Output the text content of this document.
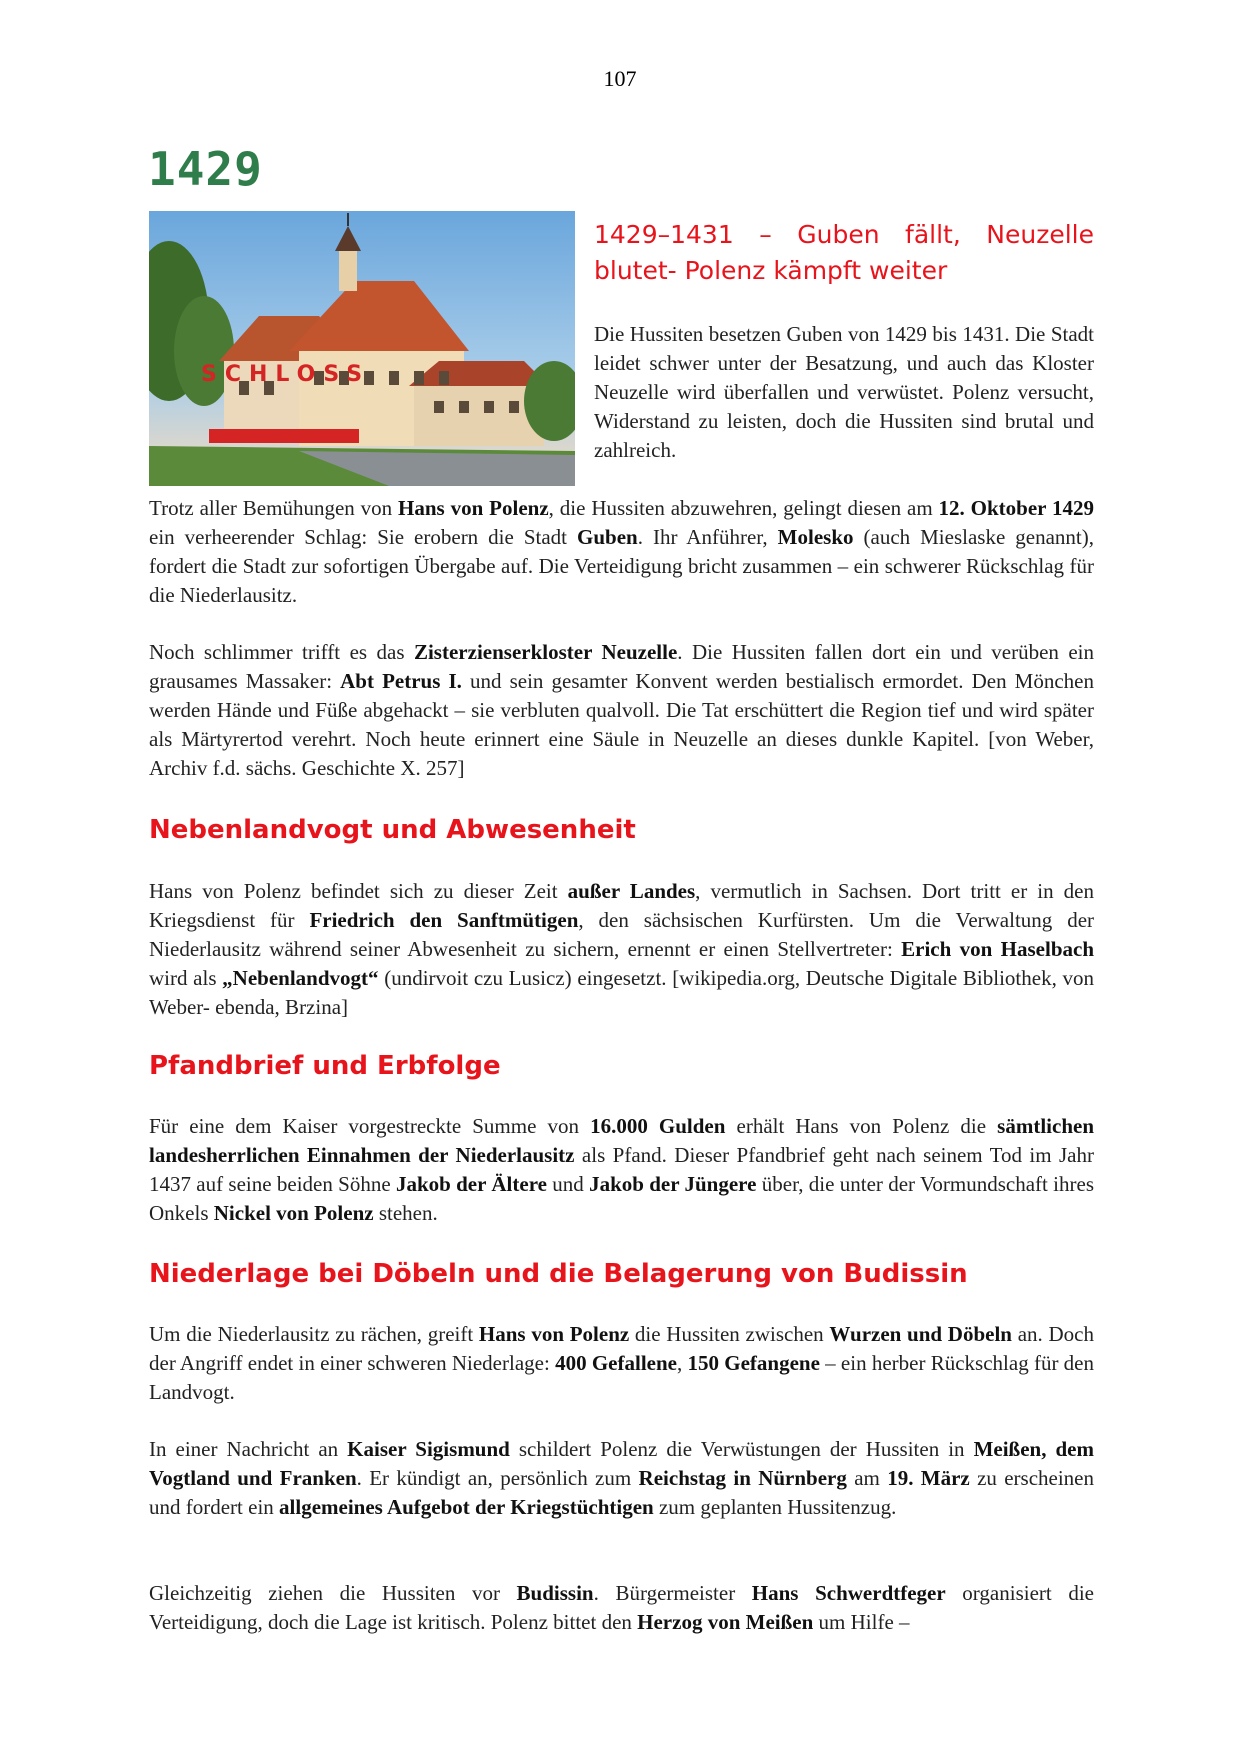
107
1429
SCHLOSS
1429–1431 – Guben fällt, Neuzelle blutet- Polenz kämpft weiter
Die Hussiten besetzen Guben von 1429 bis 1431. Die Stadt leidet schwer unter der Besatzung, und auch das Kloster Neuzelle wird überfallen und verwüstet. Polenz versucht, Widerstand zu leisten, doch die Hussiten sind brutal und zahlreich.

Trotz aller Bemühungen von Hans von Polenz, die Hussiten abzuwehren, gelingt diesen am 12. Oktober 1429 ein verheerender Schlag: Sie erobern die Stadt Guben. Ihr Anführer, Molesko (auch Mieslaske genannt), fordert die Stadt zur sofortigen Übergabe auf. Die Verteidigung bricht zusammen – ein schwerer Rückschlag für die Niederlausitz.

Noch schlimmer trifft es das Zisterzienserkloster Neuzelle. Die Hussiten fallen dort ein und verüben ein grausames Massaker: Abt Petrus I. und sein gesamter Konvent werden bestialisch ermordet. Den Mönchen werden Hände und Füße abgehackt – sie verbluten qualvoll. Die Tat erschüttert die Region tief und wird später als Märtyrertod verehrt. Noch heute erinnert eine Säule in Neuzelle an dieses dunkle Kapitel. [von Weber, Archiv f.d. sächs. Geschichte X. 257]

Nebenlandvogt und Abwesenheit

Hans von Polenz befindet sich zu dieser Zeit außer Landes, vermutlich in Sachsen. Dort tritt er in den Kriegsdienst für Friedrich den Sanftmütigen, den sächsischen Kurfürsten. Um die Verwaltung der Niederlausitz während seiner Abwesenheit zu sichern, ernennt er einen Stellvertreter: Erich von Haselbach wird als „Nebenlandvogt“ (undirvoit czu Lusicz) eingesetzt. [wikipedia.org, Deutsche Digitale Bibliothek, von Weber- ebenda, Brzina]

Pfandbrief und Erbfolge

Für eine dem Kaiser vorgestreckte Summe von 16.000 Gulden erhält Hans von Polenz die sämtlichen landesherrlichen Einnahmen der Niederlausitz als Pfand. Dieser Pfandbrief geht nach seinem Tod im Jahr 1437 auf seine beiden Söhne Jakob der Ältere und Jakob der Jüngere über, die unter der Vormundschaft ihres Onkels Nickel von Polenz stehen.

Niederlage bei Döbeln und die Belagerung von Budissin

Um die Niederlausitz zu rächen, greift Hans von Polenz die Hussiten zwischen Wurzen und Döbeln an. Doch der Angriff endet in einer schweren Niederlage: 400 Gefallene, 150 Gefangene – ein herber Rückschlag für den Landvogt.

In einer Nachricht an Kaiser Sigismund schildert Polenz die Verwüstungen der Hussiten in Meißen, dem Vogtland und Franken. Er kündigt an, persönlich zum Reichstag in Nürnberg am 19. März zu erscheinen und fordert ein allgemeines Aufgebot der Kriegstüchtigen zum geplanten Hussitenzug.

Gleichzeitig ziehen die Hussiten vor Budissin. Bürgermeister Hans Schwerdtfeger organisiert die Verteidigung, doch die Lage ist kritisch. Polenz bittet den Herzog von Meißen um Hilfe –
